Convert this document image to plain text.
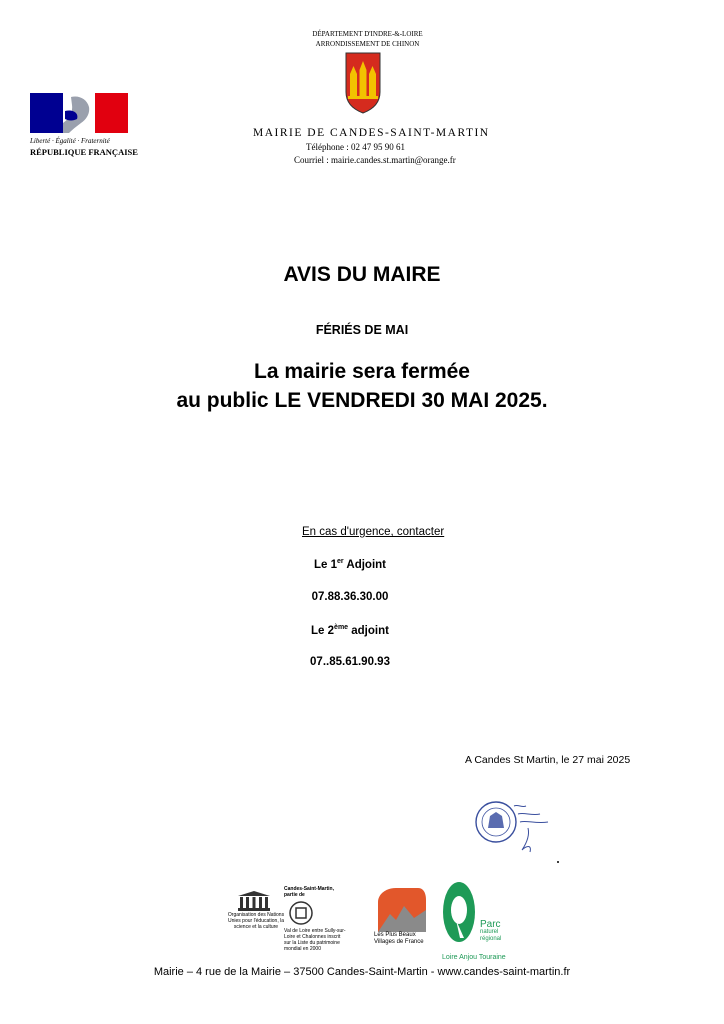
Liberté · Égalité · Fraternité
RÉPUBLIQUE FRANÇAISE
DÉPARTEMENT D'INDRE-&-LOIRE
ARRONDISSEMENT DE CHINON
MAIRIE DE CANDES-SAINT-MARTIN
Téléphone : 02 47 95 90 61
Courriel : mairie.candes.st.martin@orange.fr
AVIS DU MAIRE
FÉRIÉS DE MAI
La mairie sera fermée
au public LE VENDREDI 30 MAI 2025.
En cas d'urgence, contacter
Le 1er Adjoint
07.88.36.30.00
Le 2ème adjoint
07..85.61.90.93
A Candes St Martin, le 27 mai 2025
Organisation des Nations Unies pour l'éducation, la science et la culture
Candes-Saint-Martin, partie de
Val de Loire entre Sully-sur-Loire et Chalonnes inscrit sur la Liste du patrimoine mondial en 2000
Les Plus Beaux Villages de France
Parc
naturel
régional
Loire Anjou Touraine
Mairie – 4 rue de la Mairie – 37500 Candes-Saint-Martin - www.candes-saint-martin.fr
